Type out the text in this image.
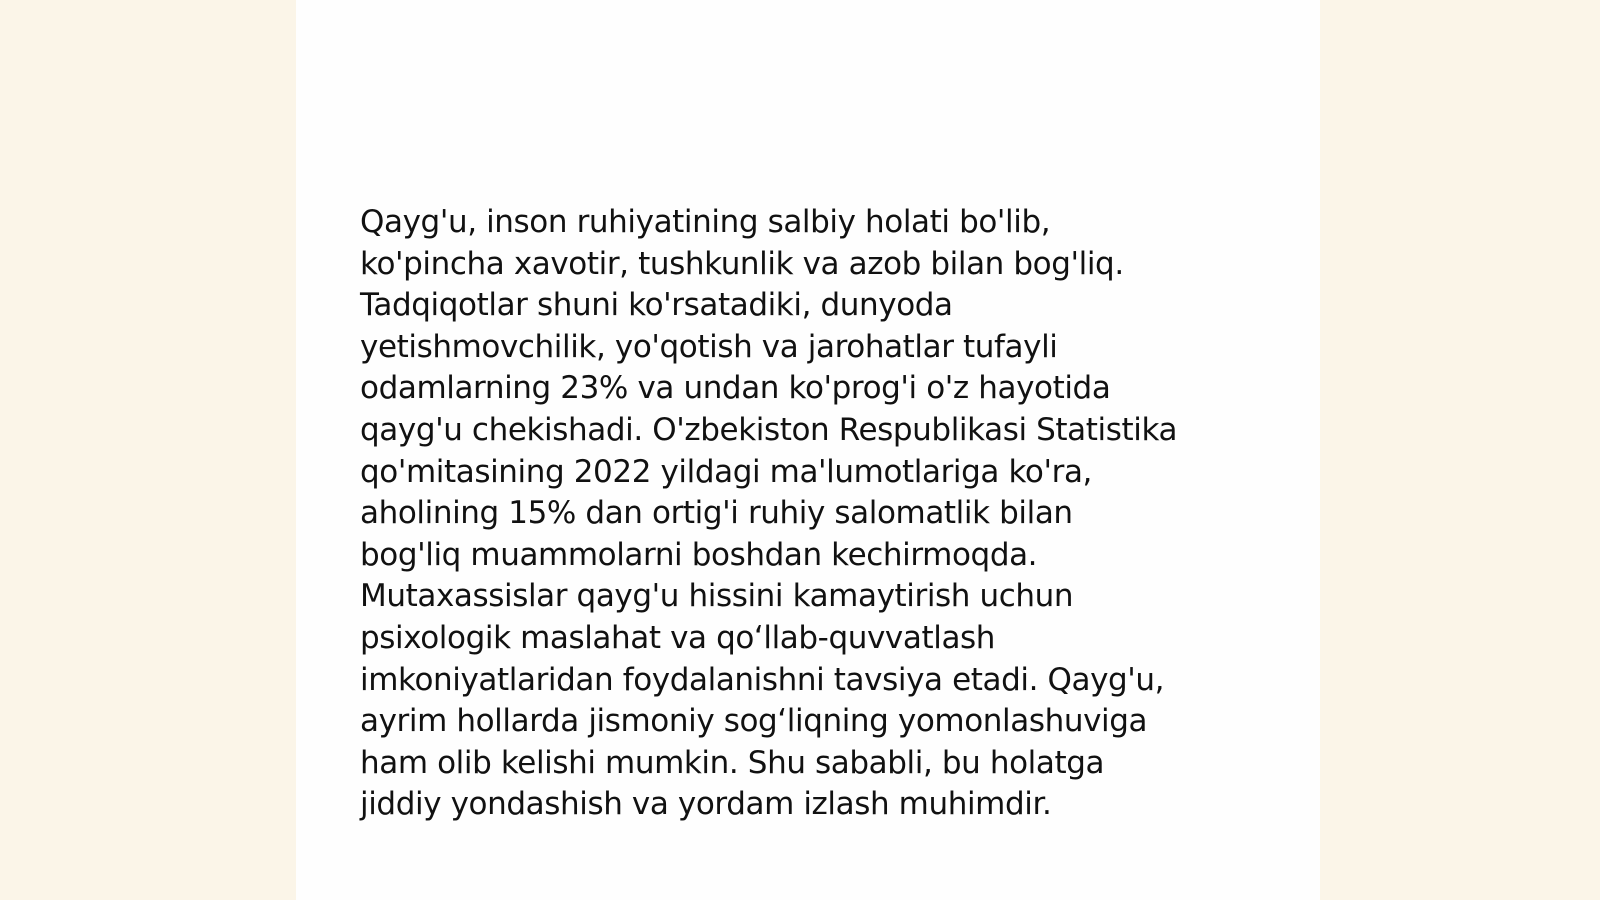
Qayg'u, inson ruhiyatining salbiy holati bo'lib,
ko'pincha xavotir, tushkunlik va azob bilan bog'liq.
Tadqiqotlar shuni ko'rsatadiki, dunyoda
yetishmovchilik, yo'qotish va jarohatlar tufayli
odamlarning 23% va undan ko'prog'i o'z hayotida
qayg'u chekishadi. O'zbekiston Respublikasi Statistika
qo'mitasining 2022 yildagi ma'lumotlariga ko'ra,
aholining 15% dan ortig'i ruhiy salomatlik bilan
bog'liq muammolarni boshdan kechirmoqda.
Mutaxassislar qayg'u hissini kamaytirish uchun
psixologik maslahat va qo‘llab-quvvatlash
imkoniyatlaridan foydalanishni tavsiya etadi. Qayg'u,
ayrim hollarda jismoniy sog‘liqning yomonlashuviga
ham olib kelishi mumkin. Shu sababli, bu holatga
jiddiy yondashish va yordam izlash muhimdir.
